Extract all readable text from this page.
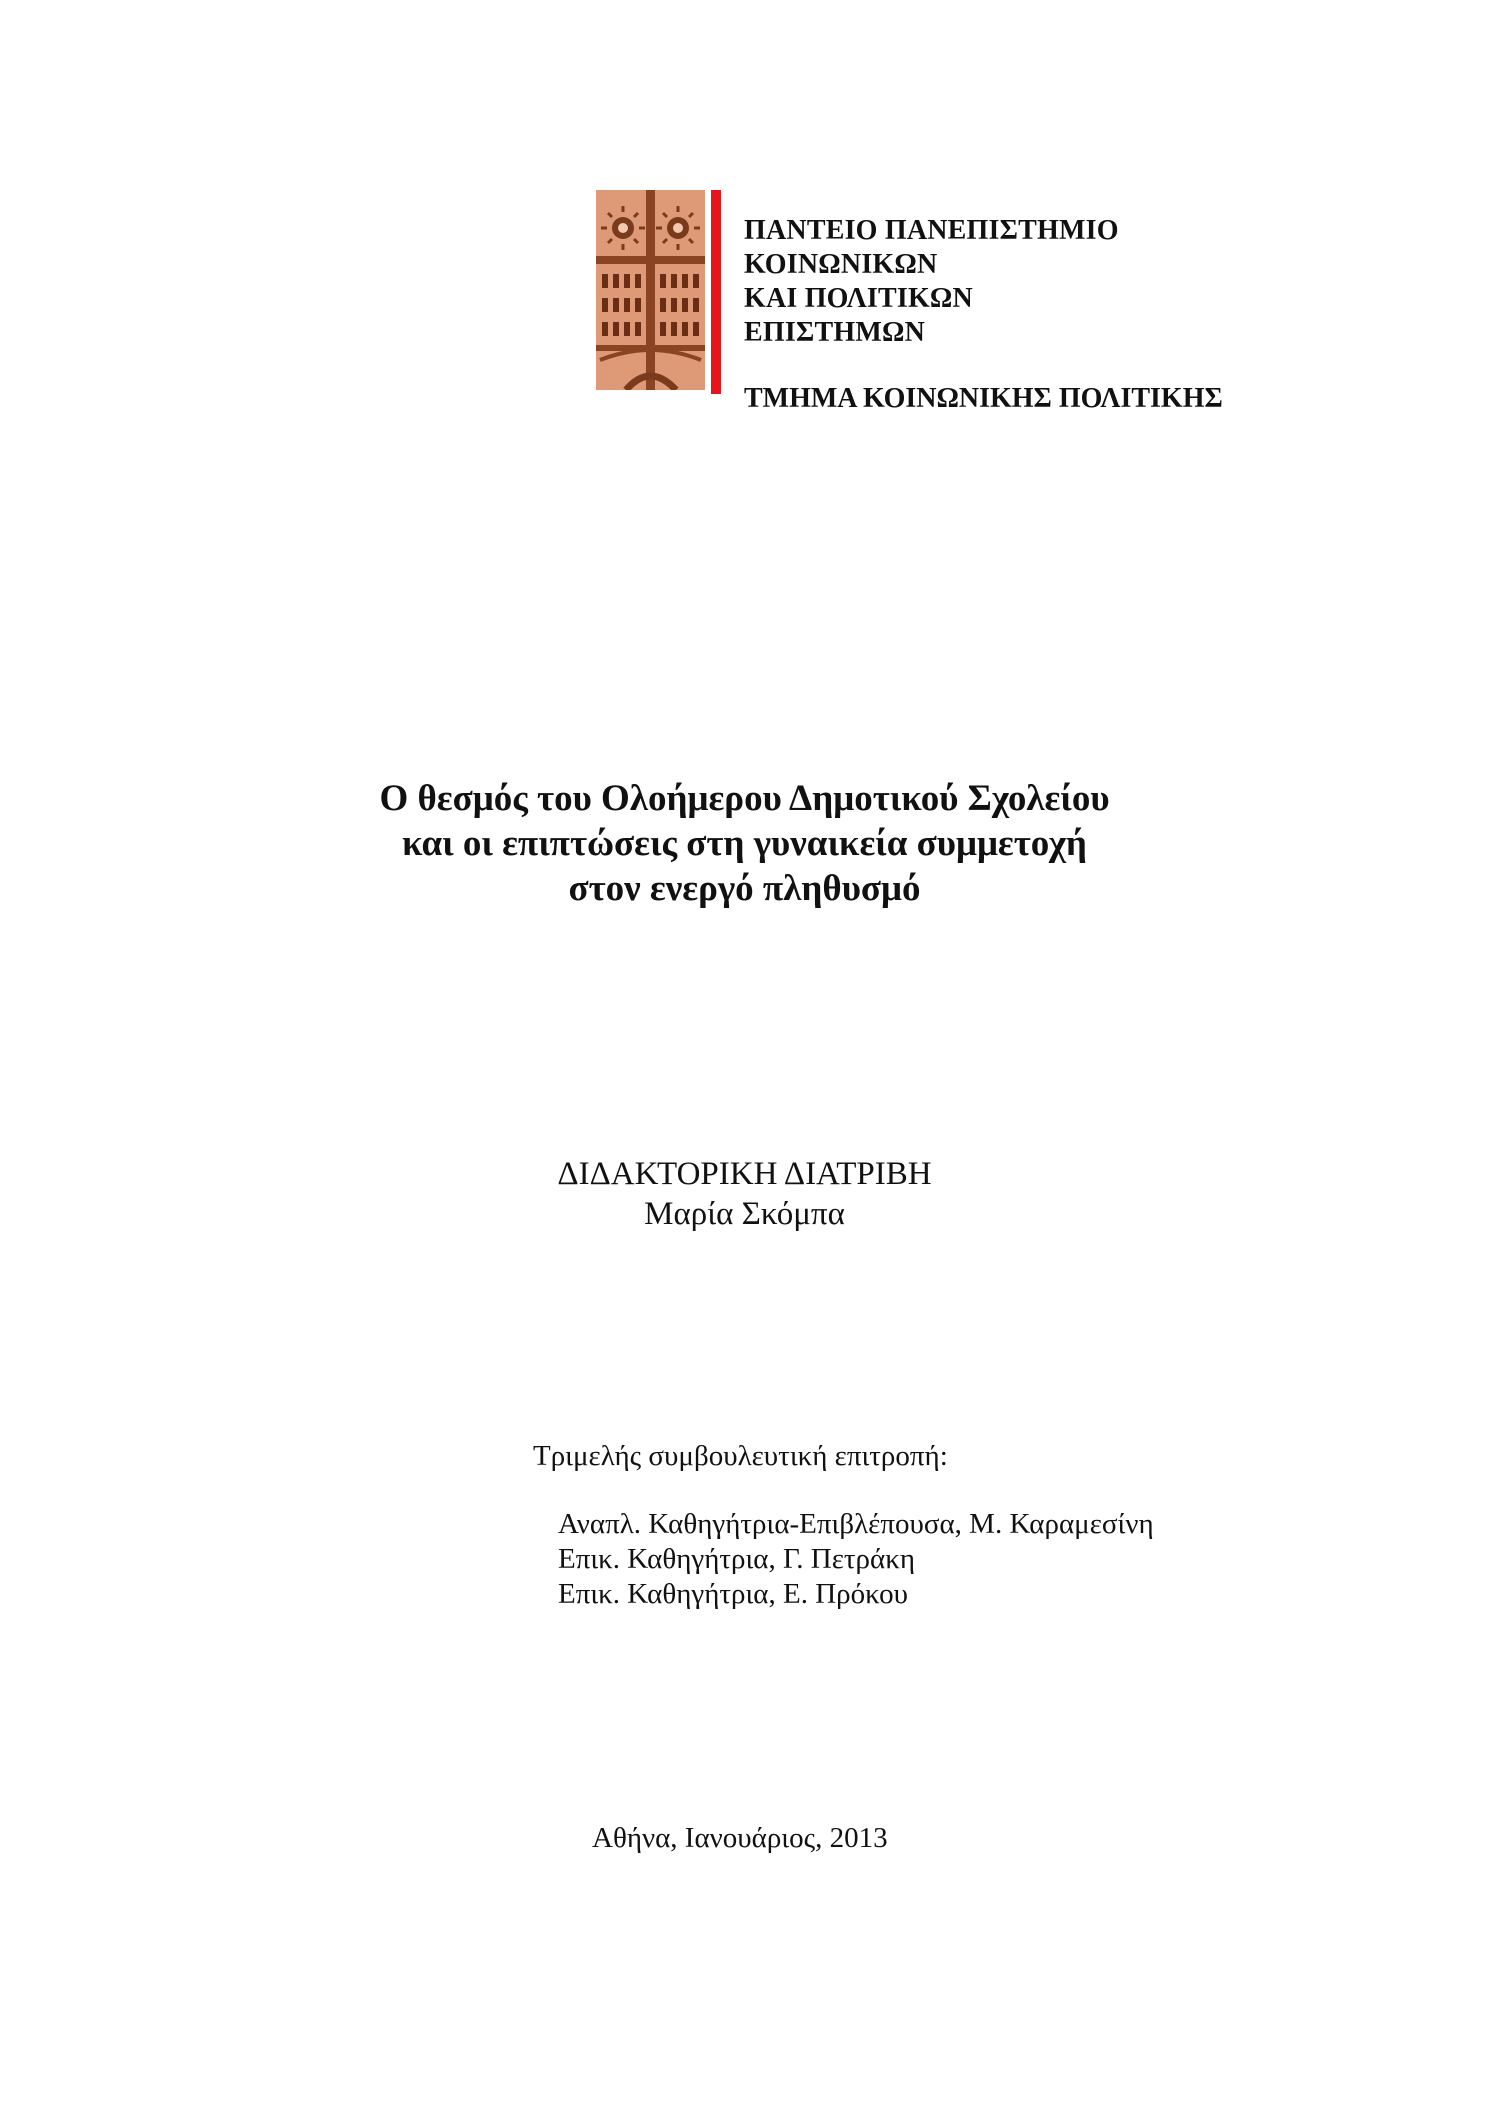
ΠΑΝΤΕΙΟ ΠΑΝΕΠΙΣΤΗΜΙΟ
ΚΟΙΝΩΝΙΚΩΝ
ΚΑΙ ΠΟΛΙΤΙΚΩΝ
ΕΠΙΣΤΗΜΩΝ
ΤΜΗΜΑ ΚΟΙΝΩΝΙΚΗΣ ΠΟΛΙΤΙΚΗΣ
Ο θεσμός του Ολοήμερου Δημοτικού Σχολείου
και οι επιπτώσεις στη γυναικεία συμμετοχή
στον ενεργό πληθυσμό
ΔΙΔΑΚΤΟΡΙΚΗ ΔΙΑΤΡΙΒΗ
Μαρία Σκόμπα
Τριμελής συμβουλευτική επιτροπή:
Αναπλ. Καθηγήτρια-Επιβλέπουσα, Μ. Καραμεσίνη
Επικ. Καθηγήτρια, Γ. Πετράκη
Επικ. Καθηγήτρια, Ε. Πρόκου
Αθήνα, Ιανουάριος, 2013
